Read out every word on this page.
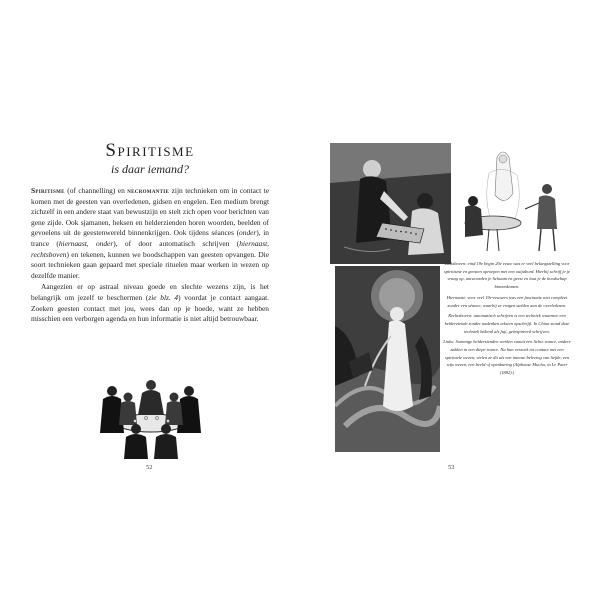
Spiritisme

is daar iemand?

Spiritisme (of channelling) en necromantie zijn technieken om in contact te komen met de geesten van overledenen, gidsen en engelen. Een medium brengt zichzelf in een andere staat van bewustzijn en stelt zich open voor berichten van gene zijde. Ook sjamanen, heksen en helderzienden horen woorden, beelden of gevoelens uit de geestenwereld binnenkrijgen. Ook tijdens séances (onder), in trance (hiernaast, onder), of door automatisch schrijven (hiernaast, rechtsboven) en tekenen, kunnen we boodschappen van geesten opvangen. Die soort technieken gaan gepaard met speciale rituelen maar werken in wezen op dezelfde manier.

Aangezien er op astraal niveau goede en slechte wezens zijn, is het belangrijk om jezelf te beschermen (zie blz. 4) voordat je contact aangaat. Zoeken geesten contact met jou, wees dan op je hoede, want ze hebben misschien een verborgen agenda en hun informatie is niet altijd betrouwbaar.

52

Linksboven: eind 19e begin 20e eeuw was er veel belangstelling voor spiritisme en geesten oproepen met een ouijabord. Hierbij schrijf je je vraag op, antwoorden je lichaam en geest en laat je de boodschap binnenkomen.

Hiernaast: voor veel 19e-eeuwers was een fascinatie niet compleet zonder een séance, waarbij ze vragen stelden aan de overledenen.

Rechtsboven: automatisch schrijven is een techniek waarmee een helderziende zonder nadenken teksten opschrijft. In China stond deze techniek bekend als fuji, geïnspireerd schrijven.

Links: Sommige helderzienden werken vanuit een lichte trance, andere zakken in een diepe trance. Na hun verzoek tot contact met een spirituele wezen, vielen ze dit als een intense beleving van liefde, een wijs wezen, een beeld of openbaring (Alphonse Mucha, in Le Pater (1882).)

53
